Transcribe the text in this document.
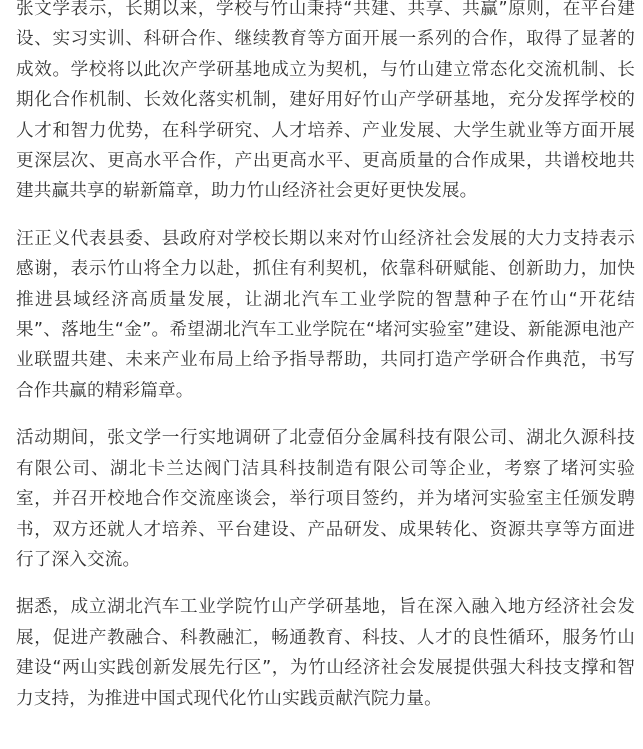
张文学表示，长期以来，学校与竹山秉持“共建、共享、共赢”原则，在平台建设、实习实训、科研合作、继续教育等方面开展一系列的合作，取得了显著的成效。学校将以此次产学研基地成立为契机，与竹山建立常态化交流机制、长期化合作机制、长效化落实机制，建好用好竹山产学研基地，充分发挥学校的人才和智力优势，在科学研究、人才培养、产业发展、大学生就业等方面开展更深层次、更高水平合作，产出更高水平、更高质量的合作成果，共谱校地共建共赢共享的崭新篇章，助力竹山经济社会更好更快发展。

汪正义代表县委、县政府对学校长期以来对竹山经济社会发展的大力支持表示感谢，表示竹山将全力以赴，抓住有利契机，依靠科研赋能、创新助力，加快推进县域经济高质量发展，让湖北汽车工业学院的智慧种子在竹山“开花结果”、落地生“金”。希望湖北汽车工业学院在“堵河实验室”建设、新能源电池产业联盟共建、未来产业布局上给予指导帮助，共同打造产学研合作典范，书写合作共赢的精彩篇章。

活动期间，张文学一行实地调研了北壹佰分金属科技有限公司、湖北久源科技有限公司、湖北卡兰达阀门洁具科技制造有限公司等企业，考察了堵河实验室，并召开校地合作交流座谈会，举行项目签约，并为堵河实验室主任颁发聘书，双方还就人才培养、平台建设、产品研发、成果转化、资源共享等方面进行了深入交流。

据悉，成立湖北汽车工业学院竹山产学研基地，旨在深入融入地方经济社会发展，促进产教融合、科教融汇，畅通教育、科技、人才的良性循环，服务竹山建设“两山实践创新发展先行区”，为竹山经济社会发展提供强大科技支撑和智力支持，为推进中国式现代化竹山实践贡献汽院力量。
